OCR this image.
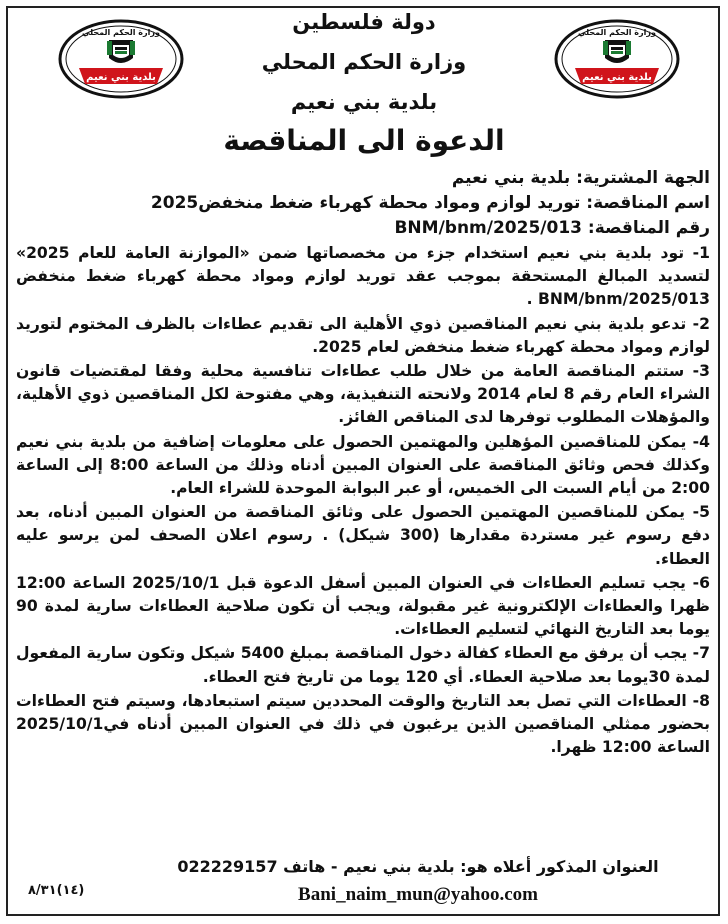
وزارة الحكم المحلي
بلدية بني نعيم
وزارة الحكم المحلي
بلدية بني نعيم
دولة فلسطين
وزارة الحكم المحلي
بلدية بني نعيم
الدعوة الى المناقصة

الجهة المشترية: بلدية بني نعيم

اسم المناقصة: توريد لوازم ومواد محطة كهرباء ضغط منخفض2025

رقم المناقصة: BNM/bnm/2025/013

1- تود بلدية بني نعيم استخدام جزء من مخصصاتها ضمن «الموازنة العامة للعام 2025» لتسديد المبالغ المستحقة بموجب عقد توريد لوازم ومواد محطة كهرباء ضغط منخفض BNM/bnm/2025/013 .

2- تدعو بلدية بني نعيم المناقصين ذوي الأهلية الى تقديم عطاءات بالظرف المختوم لتوريد لوازم ومواد محطة كهرباء ضغط منخفض لعام 2025.

3- ستتم المناقصة العامة من خلال طلب عطاءات تنافسية محلية وفقا لمقتضيات قانون الشراء العام رقم 8 لعام 2014 ولانحته التنفيذية، وهي مفتوحة لكل المناقصين ذوي الأهلية، والمؤهلات المطلوب توفرها لدى المناقص الفائز.

4- يمكن للمناقصين المؤهلين والمهتمين الحصول على معلومات إضافية من بلدية بني نعيم وكذلك فحص وثائق المناقصة على العنوان المبين أدناه وذلك من الساعة 8:00 إلى الساعة 2:00 من أيام السبت الى الخميس، أو عبر البوابة الموحدة للشراء العام.

5- يمكن للمناقصين المهتمين الحصول على وثائق المناقصة من العنوان المبين أدناه، بعد دفع رسوم غير مستردة مقدارها (300 شيكل) . رسوم اعلان الصحف لمن يرسو عليه العطاء.

6- يجب تسليم العطاءات في العنوان المبين أسفل الدعوة قبل 2025/10/1 الساعة 12:00 ظهرا والعطاءات الإلكترونية غير مقبولة، ويجب أن تكون صلاحية العطاءات سارية لمدة 90 يوما بعد التاريخ النهائي لتسليم العطاءات.

7- يجب أن يرفق مع العطاء كفالة دخول المناقصة بمبلغ 5400 شيكل وتكون سارية المفعول لمدة 30يوما بعد صلاحية العطاء. أي 120 يوما من تاريخ فتح العطاء.

8- العطاءات التي تصل بعد التاريخ والوقت المحددين سيتم استبعادها، وسيتم فتح العطاءات بحضور ممثلي المناقصين الذين يرغبون في ذلك في العنوان المبين أدناه في2025/10/1 الساعة 12:00 ظهرا.

العنوان المذكور أعلاه هو: بلدية بني نعيم - هاتف 022229157

Bani_naim_mun@yahoo.com

(١٤)٨/٣١
